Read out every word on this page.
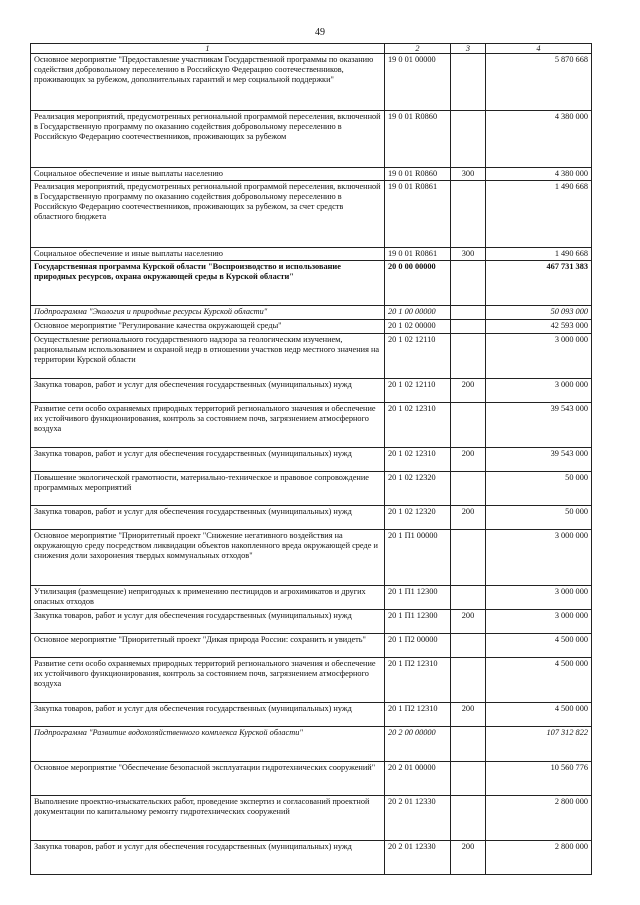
49
1	2	3	4
Основное мероприятие "Предоставление участникам Государственной программы по оказанию содействия добровольному переселению в Российскую Федерацию соотечественников, проживающих за рубежом, дополнительных гарантий и мер социальной поддержки"	19 0 01 00000		5 870 668
Реализация мероприятий, предусмотренных региональной программой переселения, включенной в Государственную программу по оказанию содействия добровольному переселению в Российскую Федерацию соотечественников, проживающих за рубежом	19 0 01 R0860		4 380 000
Социальное обеспечение и иные выплаты населению	19 0 01 R0860	300	4 380 000
Реализация мероприятий, предусмотренных региональной программой переселения, включенной в Государственную программу по оказанию содействия добровольному переселению в Российскую Федерацию соотечественников, проживающих за рубежом, за счет средств областного бюджета	19 0 01 R0861		1 490 668
Социальное обеспечение и иные выплаты населению	19 0 01 R0861	300	1 490 668
Государственная программа Курской области "Воспроизводство и использование природных ресурсов, охрана окружающей среды в Курской области"	20 0 00 00000		467 731 383
Подпрограмма "Экология и природные ресурсы Курской области"	20 1 00 00000		50 093 000
Основное мероприятие "Регулирование качества окружающей среды"	20 1 02 00000		42 593 000
Осуществление регионального государственного надзора за геологическим изучением, рациональным использованием и охраной недр в отношении участков недр местного значения на территории Курской области	20 1 02 12110		3 000 000
Закупка товаров, работ и услуг для обеспечения государственных (муниципальных) нужд	20 1 02 12110	200	3 000 000
Развитие сети особо охраняемых природных территорий регионального значения и обеспечение их устойчивого функционирования, контроль за состоянием почв, загрязнением атмосферного воздуха	20 1 02 12310		39 543 000
Закупка товаров, работ и услуг для обеспечения государственных (муниципальных) нужд	20 1 02 12310	200	39 543 000
Повышение экологической грамотности, материально-техническое и правовое сопровождение программных мероприятий	20 1 02 12320		50 000
Закупка товаров, работ и услуг для обеспечения государственных (муниципальных) нужд	20 1 02 12320	200	50 000
Основное мероприятие "Приоритетный проект "Снижение негативного воздействия на окружающую среду посредством ликвидации объектов накопленного вреда окружающей среде и снижения доли захоронения твердых коммунальных отходов"	20 1 П1 00000		3 000 000
Утилизация (размещение) непригодных к применению пестицидов и агрохимикатов и других опасных отходов	20 1 П1 12300		3 000 000
Закупка товаров, работ и услуг для обеспечения государственных (муниципальных) нужд	20 1 П1 12300	200	3 000 000
Основное мероприятие "Приоритетный проект "Дикая природа России: сохранить и увидеть"	20 1 П2 00000		4 500 000
Развитие сети особо охраняемых природных территорий регионального значения и обеспечение их устойчивого функционирования, контроль за состоянием почв, загрязнением атмосферного воздуха	20 1 П2 12310		4 500 000
Закупка товаров, работ и услуг для обеспечения государственных (муниципальных) нужд	20 1 П2 12310	200	4 500 000
Подпрограмма "Развитие водохозяйственного комплекса Курской области"	20 2 00 00000		107 312 822
Основное мероприятие "Обеспечение безопасной эксплуатации гидротехнических сооружений"	20 2 01 00000		10 560 776
Выполнение проектно-изыскательских работ, проведение экспертиз и согласований проектной документации по капитальному ремонту гидротехнических сооружений	20 2 01 12330		2 800 000
Закупка товаров, работ и услуг для обеспечения государственных (муниципальных) нужд	20 2 01 12330	200	2 800 000
